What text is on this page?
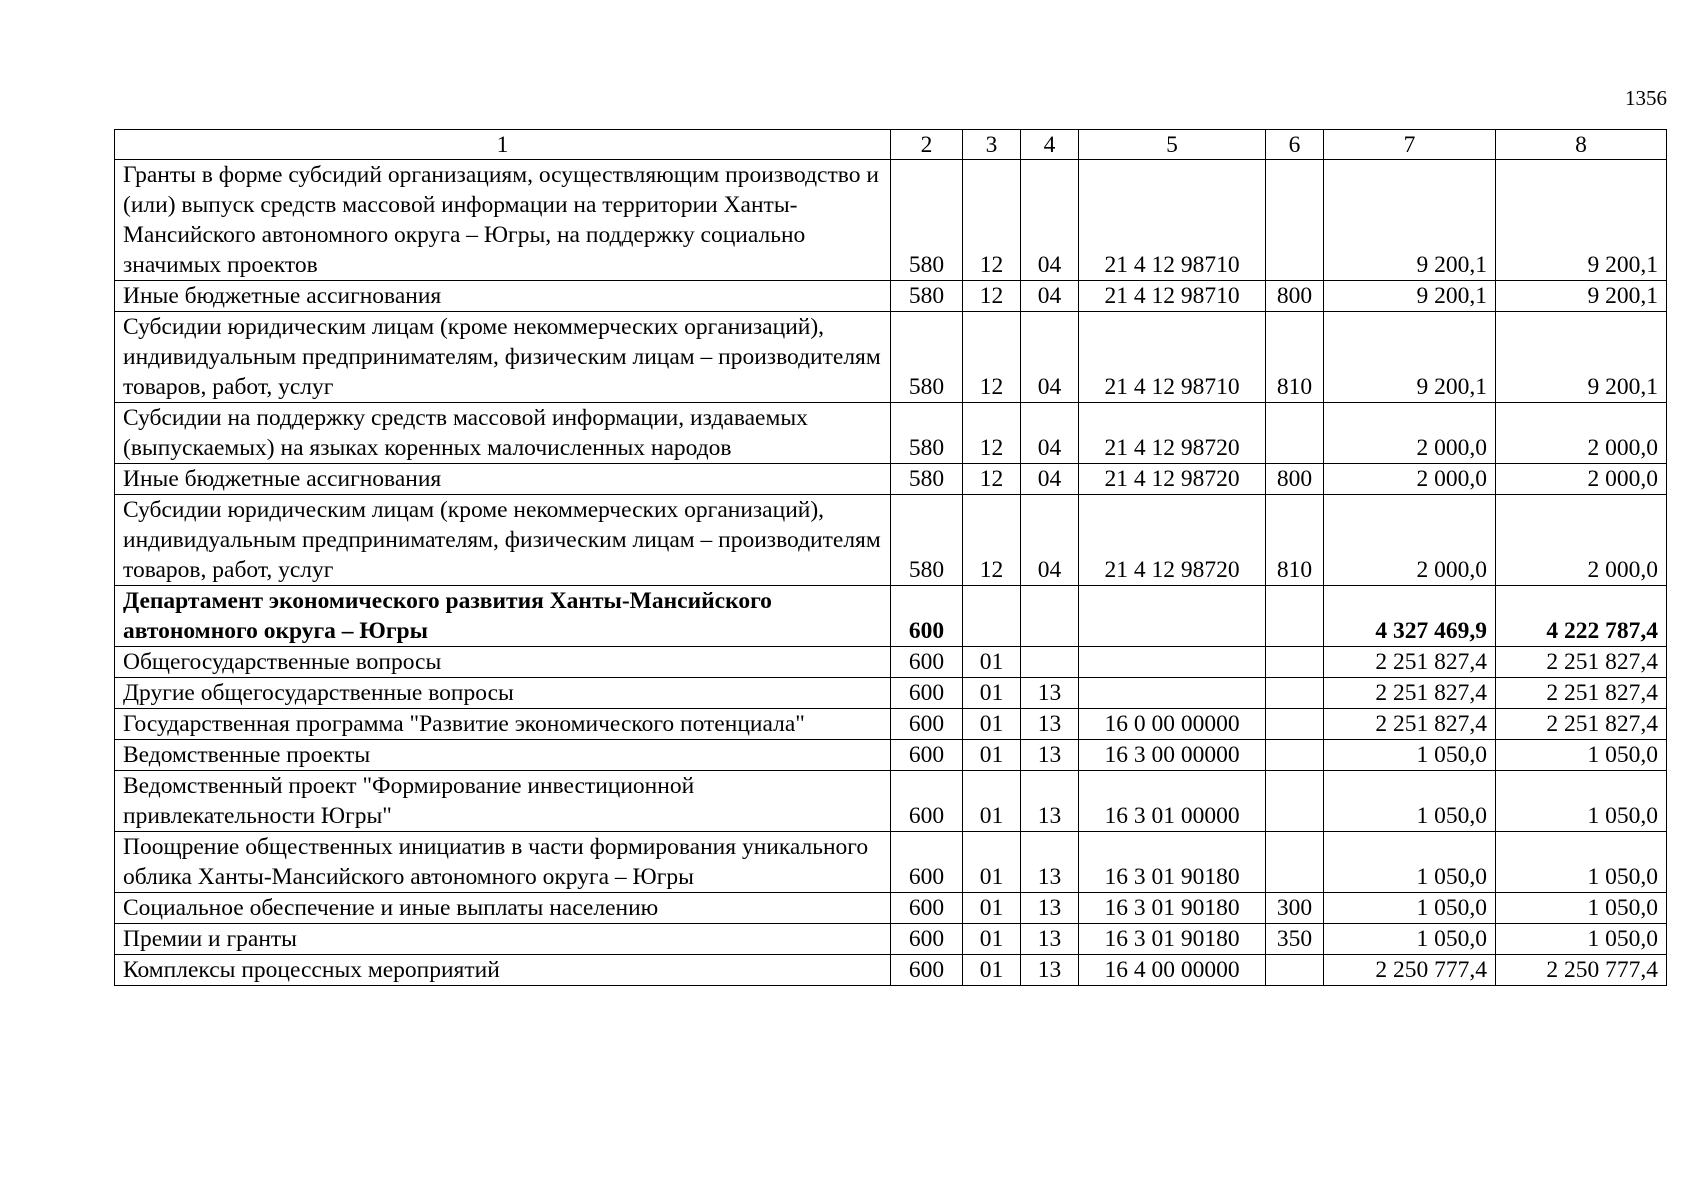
1356
1	2	3	4	5	6	7	8
Гранты в форме субсидий организациям, осуществляющим производство и (или) выпуск средств массовой информации на территории Ханты-Мансийского автономного округа – Югры, на поддержку социально значимых проектов	580	12	04	21 4 12 98710		9 200,1	9 200,1
Иные бюджетные ассигнования	580	12	04	21 4 12 98710	800	9 200,1	9 200,1
Субсидии юридическим лицам (кроме некоммерческих организаций), индивидуальным предпринимателям, физическим лицам – производителям товаров, работ, услуг	580	12	04	21 4 12 98710	810	9 200,1	9 200,1
Субсидии на поддержку средств массовой информации, издаваемых (выпускаемых) на языках коренных малочисленных народов	580	12	04	21 4 12 98720		2 000,0	2 000,0
Иные бюджетные ассигнования	580	12	04	21 4 12 98720	800	2 000,0	2 000,0
Субсидии юридическим лицам (кроме некоммерческих организаций), индивидуальным предпринимателям, физическим лицам – производителям товаров, работ, услуг	580	12	04	21 4 12 98720	810	2 000,0	2 000,0
Департамент экономического развития Ханты-Мансийского автономного округа – Югры	600					4 327 469,9	4 222 787,4
Общегосударственные вопросы	600	01				2 251 827,4	2 251 827,4
Другие общегосударственные вопросы	600	01	13			2 251 827,4	2 251 827,4
Государственная программа "Развитие экономического потенциала"	600	01	13	16 0 00 00000		2 251 827,4	2 251 827,4
Ведомственные проекты	600	01	13	16 3 00 00000		1 050,0	1 050,0
Ведомственный проект "Формирование инвестиционной привлекательности Югры"	600	01	13	16 3 01 00000		1 050,0	1 050,0
Поощрение общественных инициатив в части формирования уникального облика Ханты-Мансийского автономного округа – Югры	600	01	13	16 3 01 90180		1 050,0	1 050,0
Социальное обеспечение и иные выплаты населению	600	01	13	16 3 01 90180	300	1 050,0	1 050,0
Премии и гранты	600	01	13	16 3 01 90180	350	1 050,0	1 050,0
Комплексы процессных мероприятий	600	01	13	16 4 00 00000		2 250 777,4	2 250 777,4
